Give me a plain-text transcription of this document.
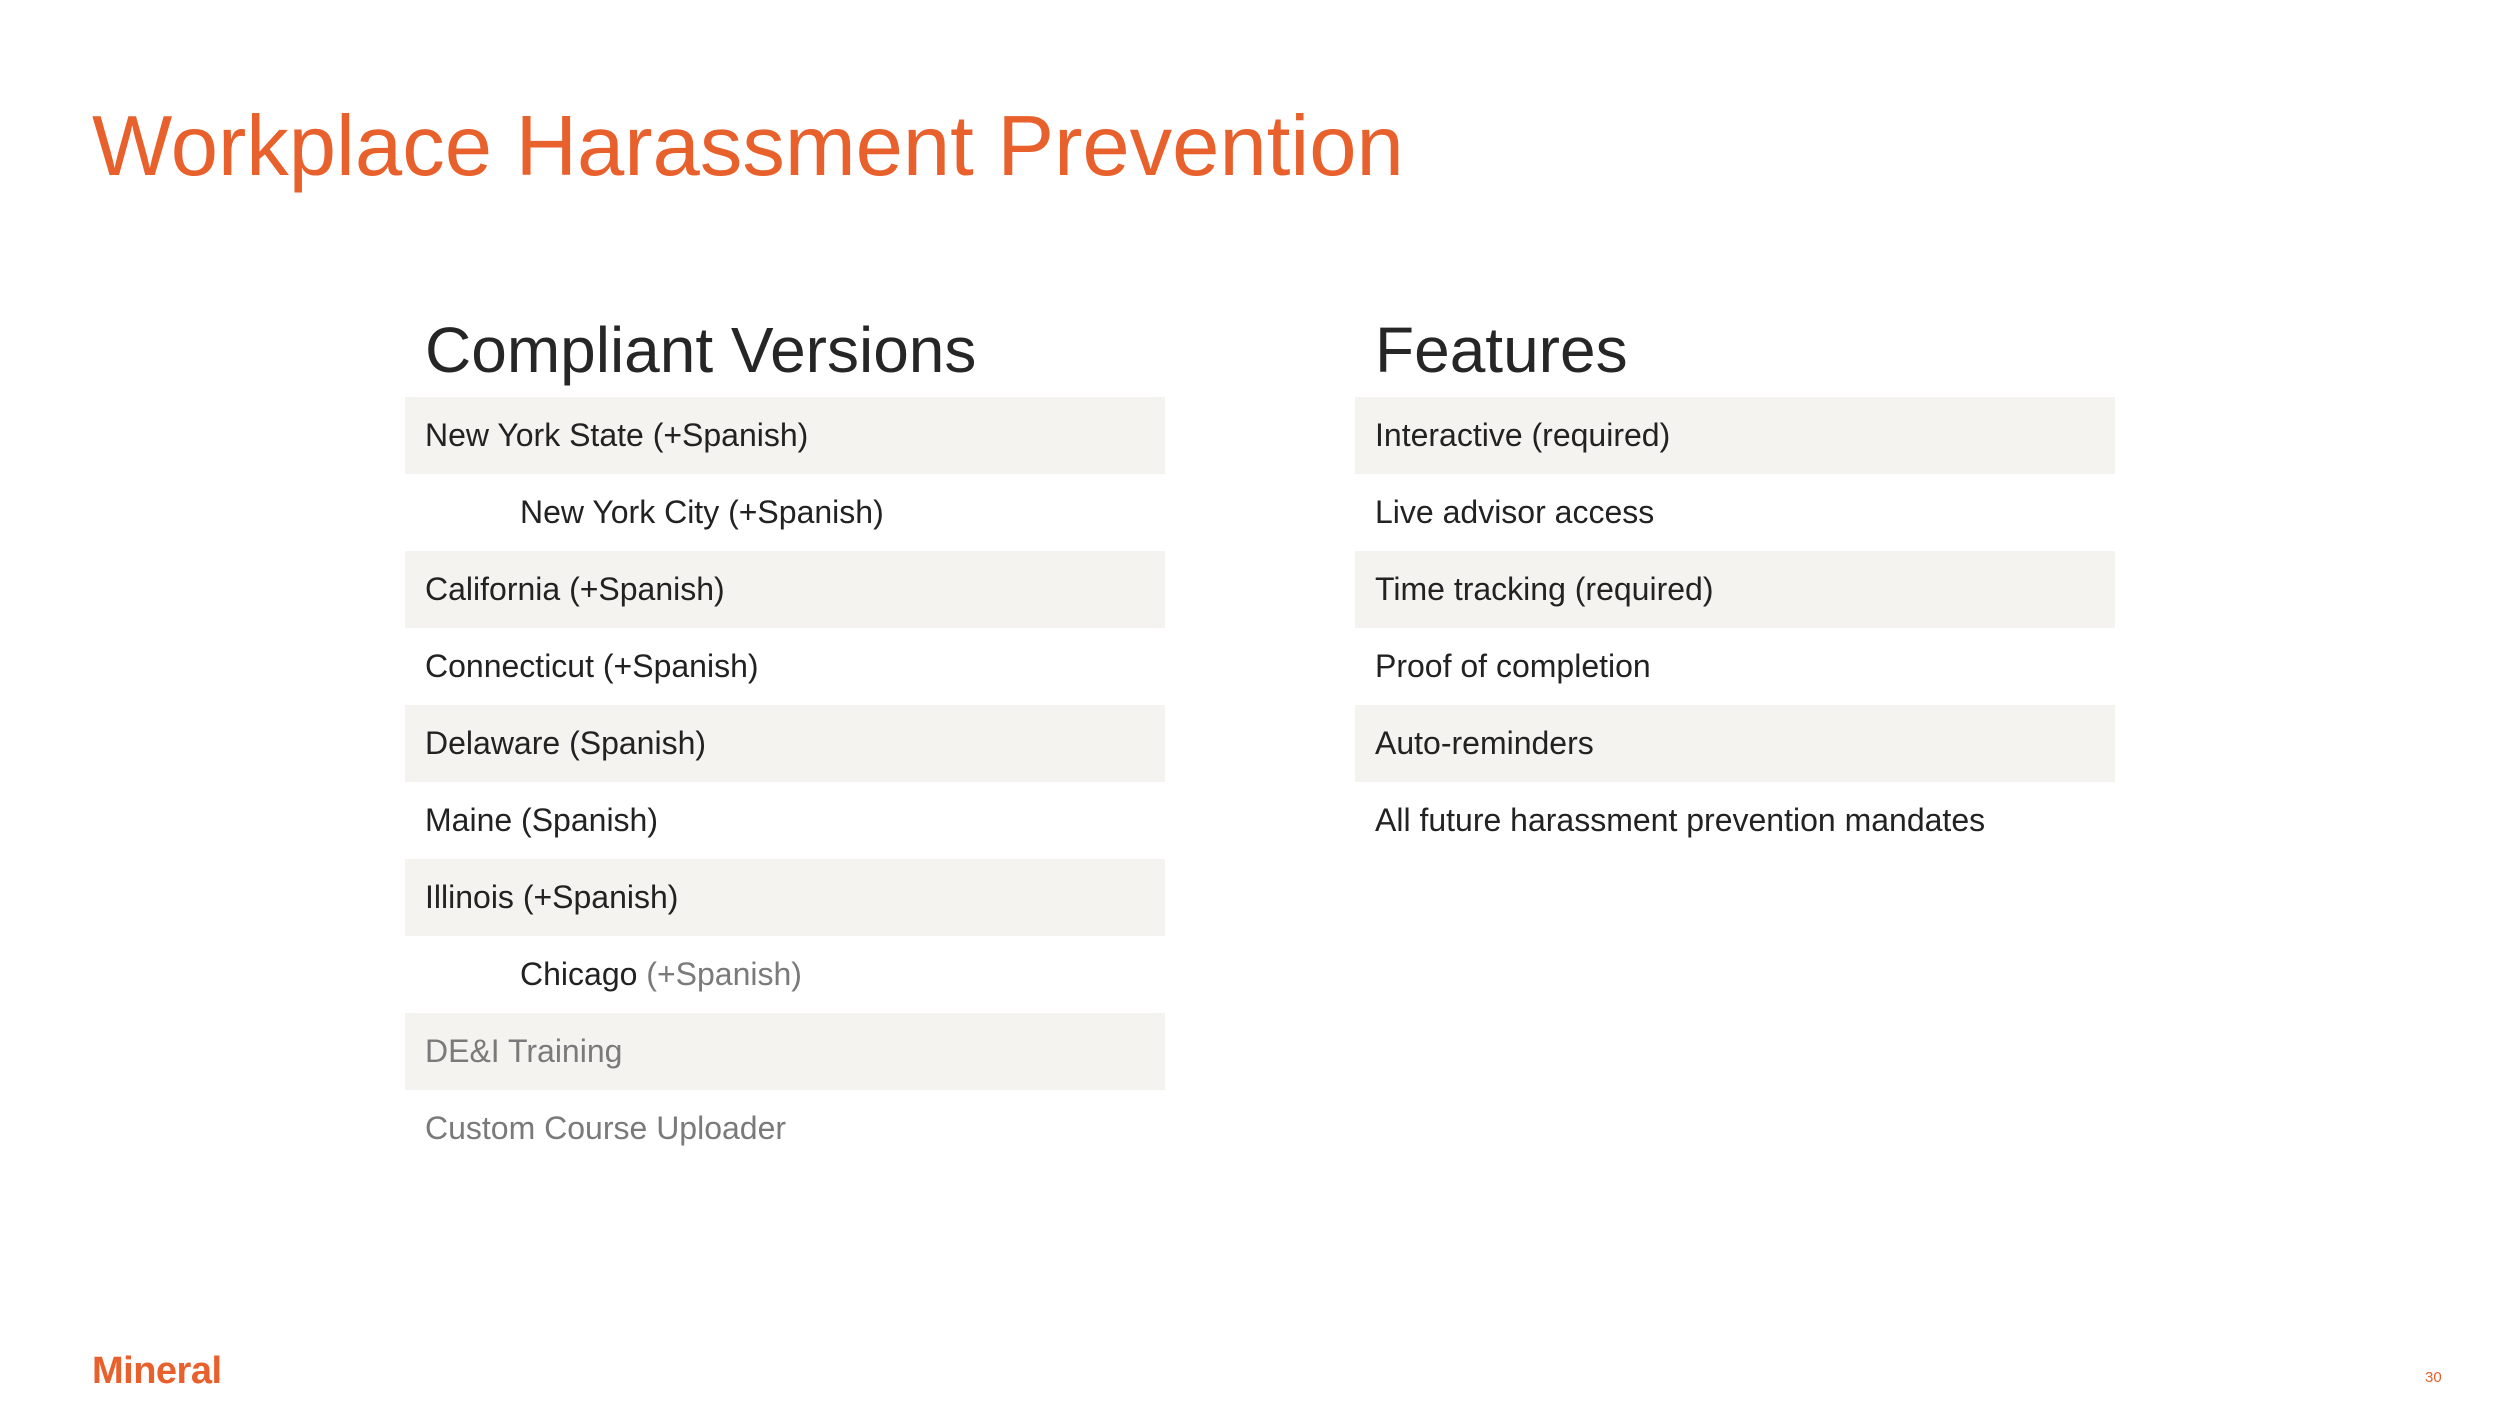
Workplace Harassment Prevention
Compliant Versions
New York State (+Spanish)
New York City (+Spanish)
California (+Spanish)
Connecticut (+Spanish)
Delaware (Spanish)
Maine (Spanish)
Illinois (+Spanish)
Chicago (+Spanish)
DE&I Training
Custom Course Uploader
Features
Interactive (required)
Live advisor access
Time tracking (required)
Proof of completion
Auto-reminders
All future harassment prevention mandates
Mineral	30
